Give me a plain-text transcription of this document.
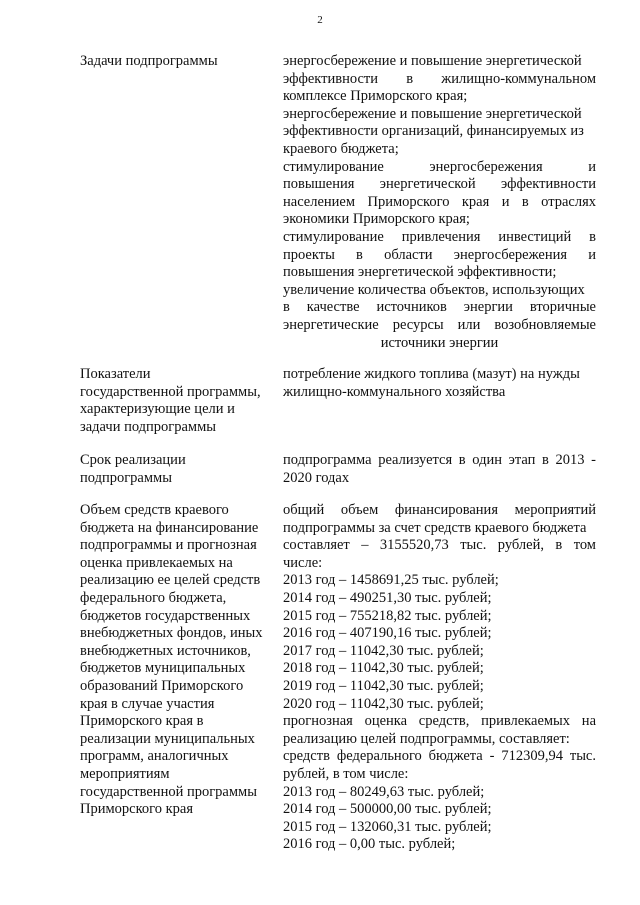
2
Задачи подпрограммы	энергосбережение и повышение энергетической
эффективности в жилищно-коммунальном
комплексе Приморского края;
энергосбережение и повышение энергетической
эффективности организаций, финансируемых из
краевого бюджета;
стимулирование энергосбережения и
повышения энергетической эффективности
населением Приморского края и в отраслях
экономики Приморского края;
стимулирование привлечения инвестиций в
проекты в области энергосбережения и
повышения энергетической эффективности;
увеличение количества объектов, использующих
в качестве источников энергии вторичные
энергетические ресурсы или возобновляемые
источники энергии
Показатели
государственной программы,
характеризующие цели и
задачи подпрограммы
потребление жидкого топлива (мазут) на нужды
жилищно-коммунального хозяйства
Срок реализации
подпрограммы
подпрограмма реализуется в один этап в 2013 -
2020 годах
Объем средств краевого
бюджета на финансирование
подпрограммы и прогнозная
оценка привлекаемых на
реализацию ее целей средств
федерального бюджета,
бюджетов государственных
внебюджетных фондов, иных
внебюджетных источников,
бюджетов муниципальных
образований Приморского
края в случае участия
Приморского края в
реализации муниципальных
программ, аналогичных
мероприятиям
государственной программы
Приморского края
общий объем финансирования мероприятий
подпрограммы за счет средств краевого бюджета
составляет – 3155520,73 тыс. рублей, в том
числе:
2013 год – 1458691,25 тыс. рублей;
2014 год – 490251,30 тыс. рублей;
2015 год – 755218,82 тыс. рублей;
2016 год – 407190,16 тыс. рублей;
2017 год – 11042,30 тыс. рублей;
2018 год – 11042,30 тыс. рублей;
2019 год – 11042,30 тыс. рублей;
2020 год – 11042,30 тыс. рублей;
прогнозная оценка средств, привлекаемых на
реализацию целей подпрограммы, составляет:
средств федерального бюджета - 712309,94 тыс.
рублей, в том числе:
2013 год – 80249,63 тыс. рублей;
2014 год – 500000,00 тыс. рублей;
2015 год – 132060,31 тыс. рублей;
2016 год – 0,00 тыс. рублей;
